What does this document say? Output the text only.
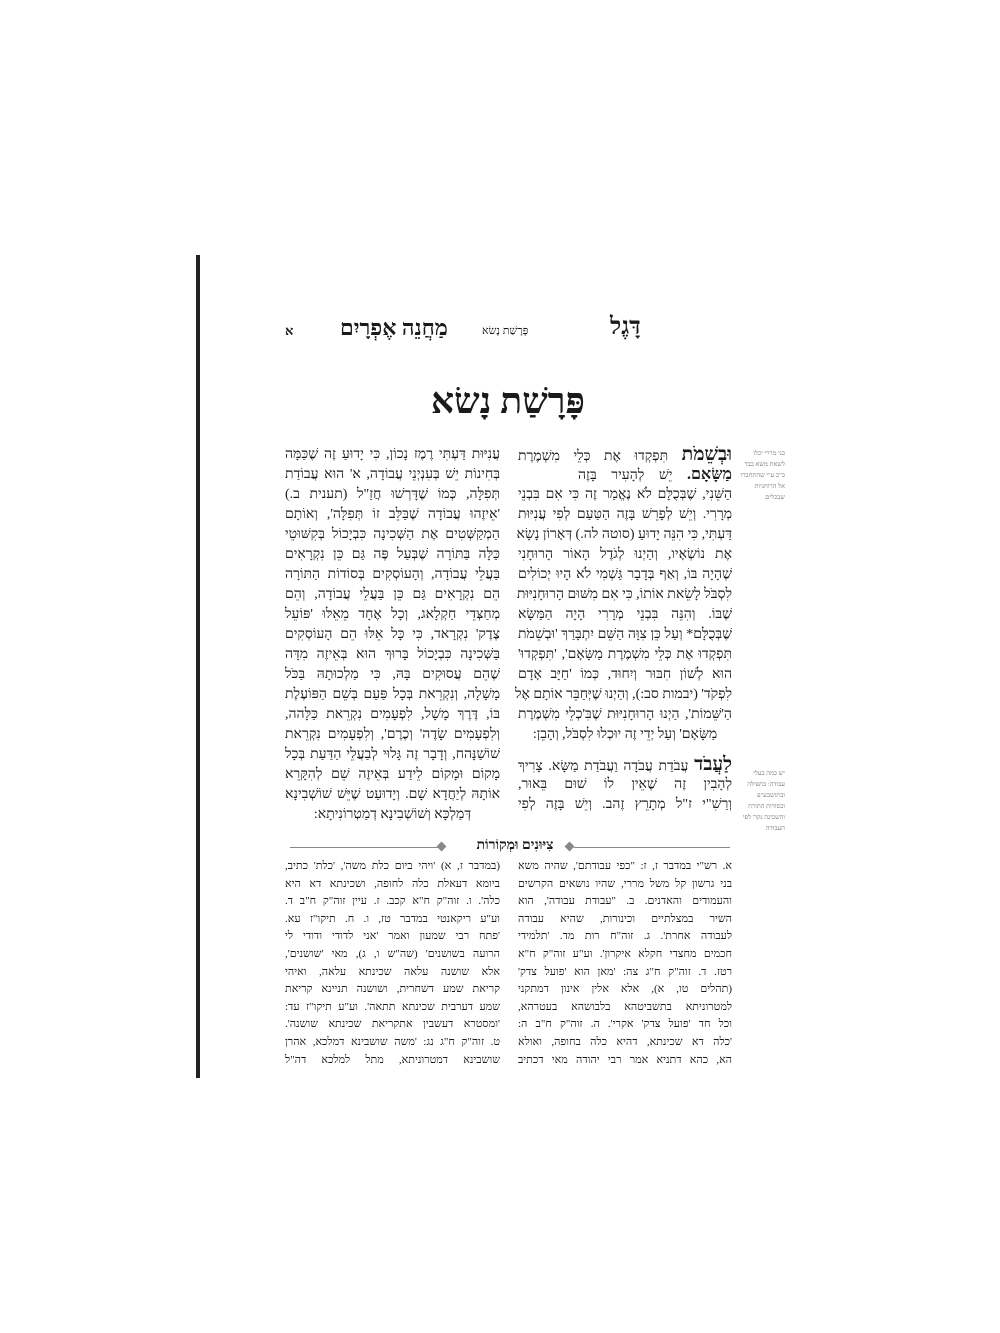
דָּגֶל
פָּרָשַׁת נָשׂא
מַחֲנֵה אֶפְרָיִם
א
פָּרָשַׁת נָשׂא
וּבְשֵׁמֹת תִּפְקְדוּ אֶת כְּלֵי מִשְׁמֶרֶת
מַשָּׂאָם. יֵשׁ לְהָעִיר בָּזֶה
הַשֵּׁנִי, שֶׁבְּכֻלָּם לֹא נֶאֱמַר זֶה כִּי אִם בִּבְנֵי
מְרָרִי. וְיֵשׁ לְפָרֵשׁ בָּזֶה הַטַּעַם לְפִי עֲנִיּוּת
דַּעְתִּי, כִּי הִנֵּה יָדוּעַ (סוטה לה.) דְּאָרוֹן נָשָׂא
אֶת נוֹשְׂאָיו, וְהַיְנוּ לְגֹדֶל הָאוֹר הָרוּחָנִי
שֶׁהָיָה בּוֹ, וְאַף בְּדָבָר גַּשְׁמִי לֹא הָיוּ יְכוֹלִים
לִסְבֹּל לָשֵׂאת אוֹתוֹ, כִּי אִם מִשּׁוּם הָרוּחָנִיּוּת
שֶׁבּוֹ. וְהִנֵּה בִּבְנֵי מְרָרִי הָיָה הַמַּשָּׂא
שֶׁבְּכֻלָּם* וְעַל כֵּן צִוָּה הַשֵּׁם יִתְבָּרַךְ 'וּבְשֵׁמֹת
תִּפְקְדוּ אֶת כְּלֵי מִשְׁמֶרֶת מַשָּׂאָם', 'תִּפְקְדוּ'
הוּא לְשׁוֹן חִבּוּר וְיִחוּד, כְּמוֹ 'חַיָּב אָדָם
לִפְקֹד' (יבמות סב:), וְהַיְנוּ שֶׁיְּחַבֵּר אוֹתָם אֶל
הַ'שֵּׁמוֹת', הַיְנוּ הָרוּחָנִיּוּת שֶׁבִּ'כְלֵי מִשְׁמֶרֶת
מַשָּׂאָם' וְעַל יְדֵי זֶה יוּכְלוּ לִסְבֹּל, וְהָבֵן:
לַעֲבֹד עֲבֹדַת עֲבֹדָה וַעֲבֹדַת מַשָּׂא. צָרִיךְ
לְהָבִין זֶה שֶׁאֵין לוֹ שׁוּם בֵּאוּר,
וְרַשִׁ"י ז"ל מְתָרֵץ זֶהב. וְיֵשׁ בָּזֶה לְפִי
עֲנִיּוּת דַּעְתִּי רֶמֶז נָכוֹן, כִּי יָדוּעַ זֶה שֶׁכַּמָּה
בְּחִינוֹת יֵשׁ בְּעִנְיְנֵי עֲבוֹדָה, א' הוּא עֲבוֹדַת
תְּפִלָּה, כְּמוֹ שֶׁדָּרְשׁוּ חֲזַ"ל (תענית ב.)
'אֵיזֶהוּ עֲבוֹדָה שֶׁבַּלֵּב זוֹ תְּפִלָּה', וְאוֹתָם
הַמְקַשְּׁטִים אֶת הַשְּׁכִינָה כִּבְיָכוֹל בְּקִשּׁוּטֵי
כַּלָּה בַּתּוֹרָה שֶׁבְּעַל פֶּה גַּם כֵּן נִקְרָאִים
בַּעֲלֵי עֲבוֹדָה, וְהָעוֹסְקִים בְּסוֹדוֹת הַתּוֹרָה
הֵם נִקְרָאִים גַּם כֵּן בַּעֲלֵי עֲבוֹדָה, וְהֵם
מְחַצְּדֵי חַקְלָאג, וְכָל אֶחָד מֵאֵלּוּ 'פּוֹעֵל
צֶדֶק' נִקְרָאד, כִּי כָּל אֵלּוּ הֵם הָעוֹסְקִים
בַּשְּׁכִינָה כִּבְיָכוֹל בָּרוּךְ הוּא בְּאֵיזֶה מִדָּה
שֶׁהֵם עֲסוּקִים בָּהּ, כִּי מַלְכוּתָהּ בַּכֹּל
מָשָׁלָה, וְנִקְרֵאת בְּכָל פַּעַם בְּשֵׁם הַפּוֹעֶלֶת
בּוֹ, דֶּרֶךְ מָשָׁל, לִפְעָמִים נִקְרֵאת כַּלָּהה,
וְלִפְעָמִים שָׂדֶה' וְכֶרֶם', וְלִפְעָמִים נִקְרֵאת
שׁוֹשַׁנָּהח, וְדָבָר זֶה גָּלוּי לְבַעֲלֵי הַדַּעַת בְּכָל
מָקוֹם וּמָקוֹם לֵידַע בְּאֵיזֶה שֵׁם לְהִקָּרֵא
אוֹתָהּ לְיַחֲדָא שָׁם. וְיָדוּעַט שֶׁיֵּשׁ שׁוֹשְׁבִינָא
דְּמַלְכָּא וְשׁוֹשְׁבִינָא דְמַטְרוֹנִיתָא:
בני מררי יכלו לשאת משא כבד כ"כ ע"י שהתחברו אל הרוחניות שבכלים
יש כמה בעלי עבודה: בתפילה ובתושבע"פ ובסודות התורה והשכינה נקר' לפי העבודה
צִיּוּנִים וּמְקוֹרוֹת
א. רש"י במדבר ז, ז: "כפי עבודתם', שהיה משא
בני גרשון קל משל מררי, שהיו נושאים הקרשים
והעמודים והאדנים. ב. "עבודת עבודה', הוא
השיר במצלתיים וכינורות, שהיא עבודה
לעבודה אחרת'. ג. זוה"ח רות מד. 'תלמידי
חכמים מחצדי חקלא איקרון'. וע"ע זוה"ק ח"א
רטז. ד. זוה"ק ח"ג צה: 'מאן הוא 'פועל צדק'
(תהלים טו, א), אלא אלין אינון דמתקני
למטרוניתא בתשביטהא בלבושהא בעטרהא,
וכל חד 'פועל צדק' אקרי'. ה. זוה"ק ח"ב ה:
'כלה דא שכינתא, דהיא כלה בחופה, ואולא
הא, כהא דתניא אמר רבי יהודה מאי דכתיב
(במדבר ז, א) 'ויהי ביום כלת משה', 'כלת' כתיב,
ביומא דעאלת כלה לחופה, ושכינתא דא היא
כלה'. ו. זוה"ק ח"א קכב. ז. עיין זוה"ק ח"ב ד.
וע"ע ריקאנטי במדבר טז, ו. ח. תיקו"ז עא.
'פתח רבי שמעון ואמר 'אני לדודי ודודי לי
הרועה בשושנים' (שה"ש ו, ג), מאי 'שושנים',
אלא שושנה עלאה שכינתא עלאה, ואיהי
קריאת שמע דשחרית, ושושנה תניינא קריאת
שמע דערבית שכינתא תתאה'. וע"ע תיקו"ז עד:
'ומסטרא דעשבין אתקריאת שכינתא שושנה'.
ט. זוה"ק ח"ג נג: 'משה שושבינא דמלכא, אהרן
שושבינא דמטרוניתא, מתל למלכא דה"ל
